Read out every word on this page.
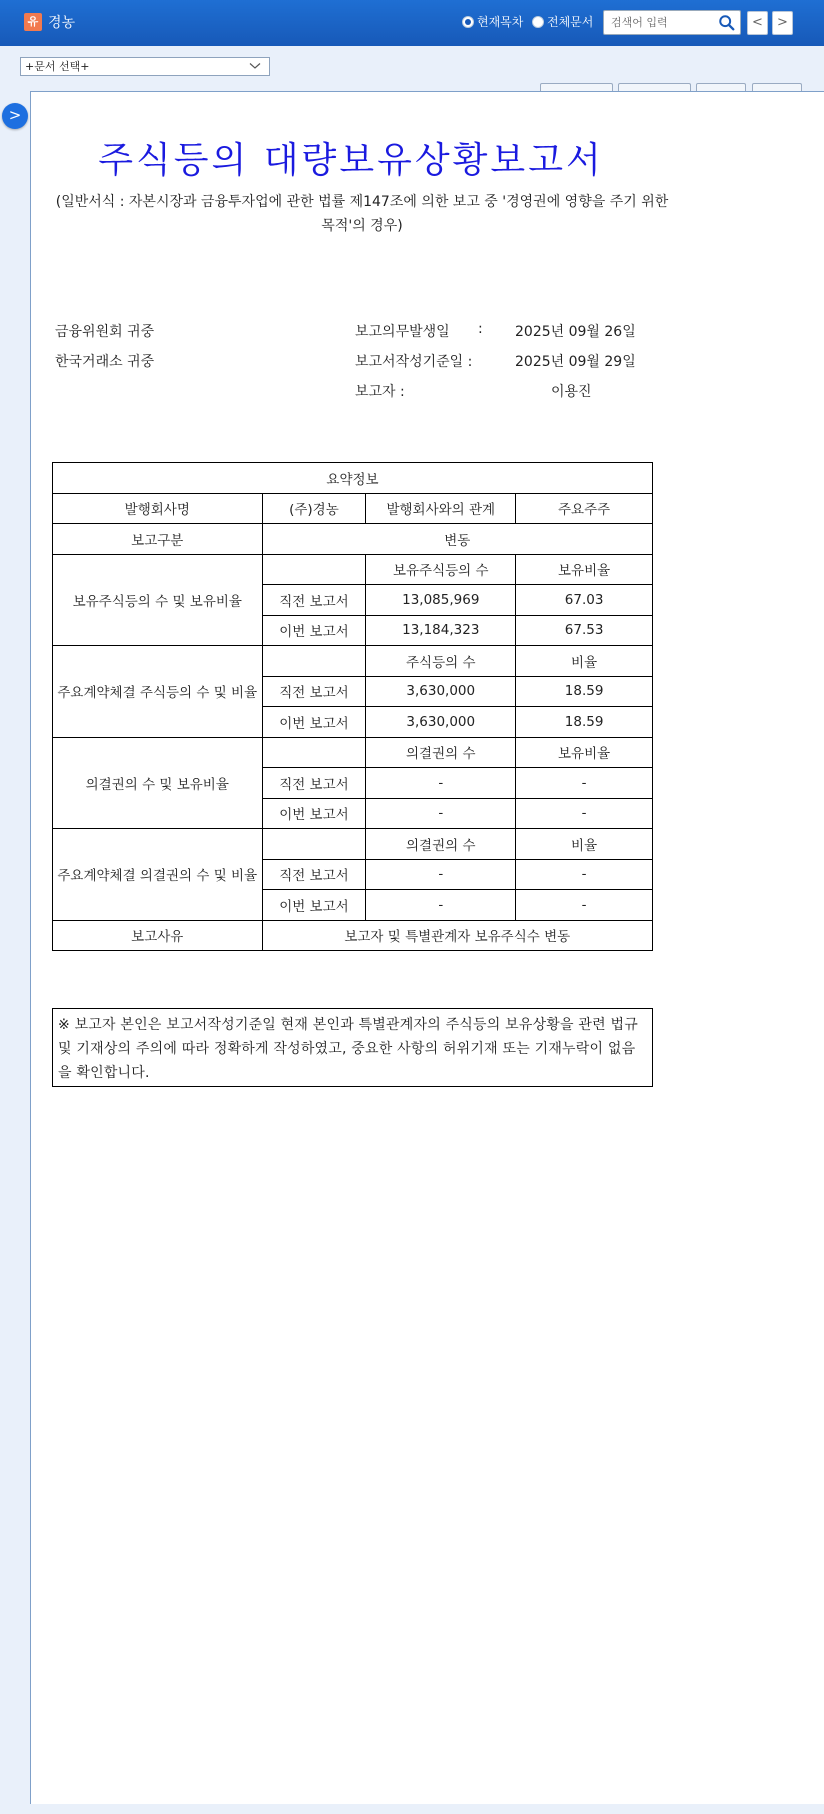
유 경농	현재목차 전체문서
검색어 입력	<	>
+문서 선택+
주식등의 대량보유상황보고서
(일반서식 : 자본시장과 금융투자업에 관한 법률 제147조에 의한 보고 중 '경영권에 영향을 주기 위한 목적'의 경우)
금융위원회 귀중
한국거래소 귀중
보고의무발생일 : 2025년 09월 26일
보고서작성기준일 :	2025년 09월 29일
보고자 :	이용진
요약정보			
발행회사명	(주)경농	발행회사와의 관계	주요주주
보고구분	변동		
보유주식등의 수 및 보유비율		보유주식등의 수	보유비율
	직전 보고서	13,085,969	67.03
	이번 보고서	13,184,323	67.53
주요계약체결 주식등의 수 및 비율		주식등의 수	비율
	직전 보고서	3,630,000	18.59
	이번 보고서	3,630,000	18.59
의결권의 수 및 보유비율		의결권의 수	보유비율
	직전 보고서	-	-
	이번 보고서	-	-
주요계약체결 의결권의 수 및 비율		의결권의 수	비율
	직전 보고서	-	-
	이번 보고서	-	-
보고사유	보고자 및 특별관계자 보유주식수 변동		
※ 보고자 본인은 보고서작성기준일 현재 본인과 특별관계자의 주식등의 보유상황을 관련 법규 및 기재상의 주의에 따라 정확하게 작성하였고, 중요한 사항의 허위기재 또는 기재누락이 없음을 확인합니다.
>
